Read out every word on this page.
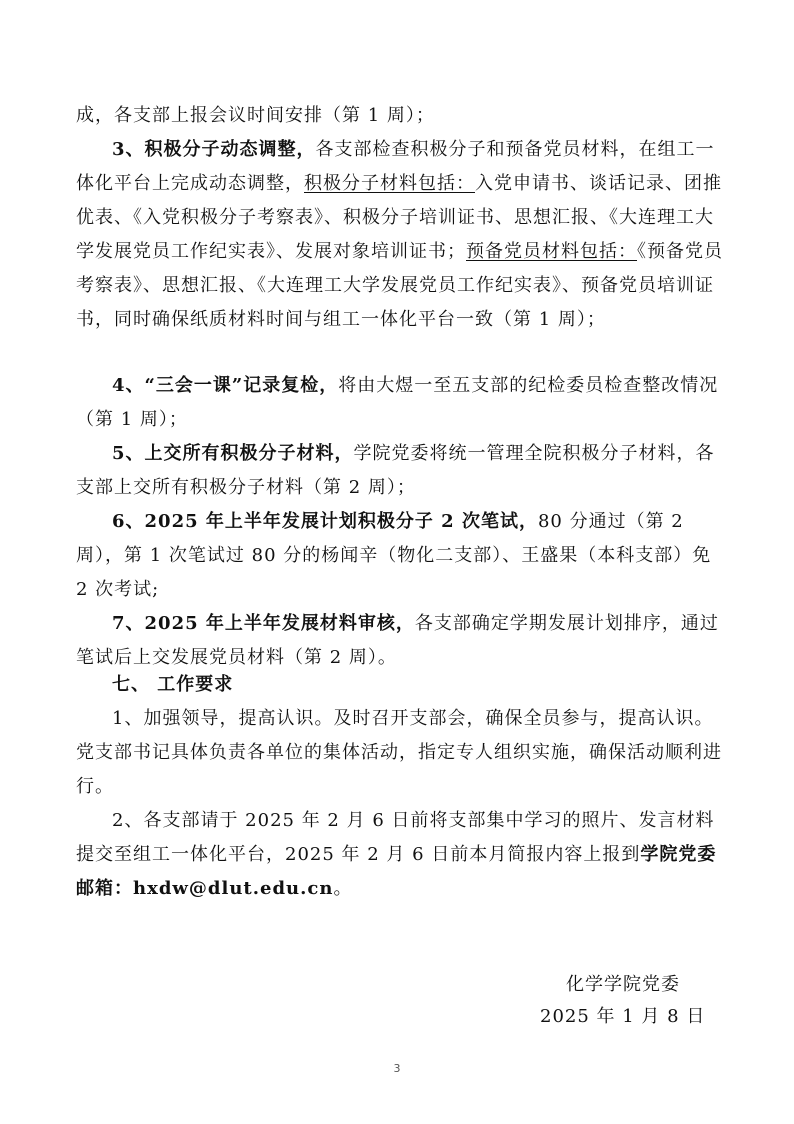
成，各支部上报会议时间安排（第 1 周）；
3、积极分子动态调整，各支部检查积极分子和预备党员材料，在组工一体化平台上完成动态调整，积极分子材料包括：入党申请书、谈话记录、团推优表、《入党积极分子考察表》、积极分子培训证书、思想汇报、《大连理工大学发展党员工作纪实表》、发展对象培训证书；预备党员材料包括：《预备党员考察表》、思想汇报、《大连理工大学发展党员工作纪实表》、预备党员培训证书，同时确保纸质材料时间与组工一体化平台一致（第 1 周）；
4、“三会一课”记录复检，将由大煜一至五支部的纪检委员检查整改情况（第 1 周）；
5、上交所有积极分子材料，学院党委将统一管理全院积极分子材料，各支部上交所有积极分子材料（第 2 周）；
6、2025 年上半年发展计划积极分子 2 次笔试，80 分通过（第 2 周），第 1 次笔试过 80 分的杨闻辛（物化二支部）、王盛果（本科支部）免 2 次考试;
7、2025 年上半年发展材料审核，各支部确定学期发展计划排序，通过笔试后上交发展党员材料（第 2 周）。
七、 工作要求
1、加强领导，提高认识。及时召开支部会，确保全员参与，提高认识。党支部书记具体负责各单位的集体活动，指定专人组织实施，确保活动顺利进行。
2、各支部请于 2025 年 2 月 6 日前将支部集中学习的照片、发言材料提交至组工一体化平台，2025 年 2 月 6 日前本月简报内容上报到学院党委邮箱：hxdw@dlut.edu.cn。
化学学院党委
2025 年 1 月 8 日
3
